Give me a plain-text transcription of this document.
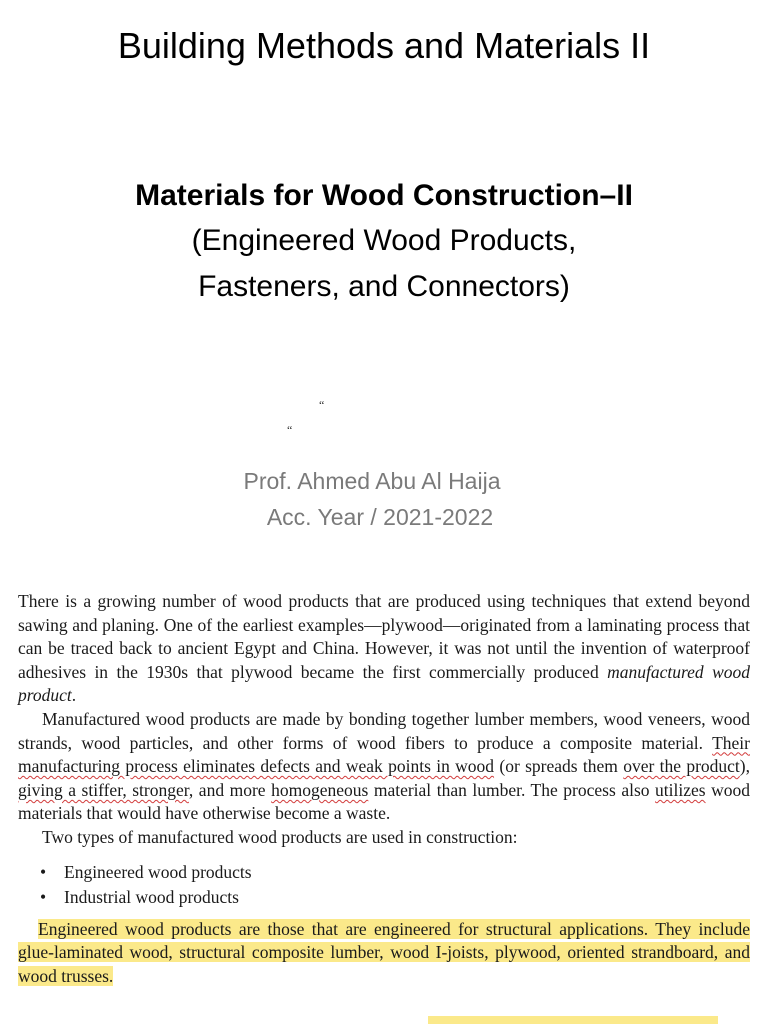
Building Methods and Materials II
Materials for Wood Construction–II
(Engineered Wood Products,
Fasteners, and Connectors)
“
“
Prof. Ahmed Abu Al Haija
Acc. Year / 2021-2022

There is a growing number of wood products that are produced using techniques that extend beyond sawing and planing. One of the earliest examples—plywood—originated from a laminating process that can be traced back to ancient Egypt and China. However, it was not until the invention of waterproof adhesives in the 1930s that plywood became the first commercially produced manufactured wood product.

Manufactured wood products are made by bonding together lumber members, wood veneers, wood strands, wood particles, and other forms of wood fibers to produce a composite material. Their manufacturing process eliminates defects and weak points in wood (or spreads them over the product), giving a stiffer, stronger, and more homogeneous material than lumber. The process also utilizes wood materials that would have otherwise become a waste.

Two types of manufactured wood products are used in construction:

• Engineered wood products
• Industrial wood products

Engineered wood products are those that are engineered for structural applications. They include glue-laminated wood, structural composite lumber, wood I-joists, plywood, oriented strandboard, and wood trusses.
